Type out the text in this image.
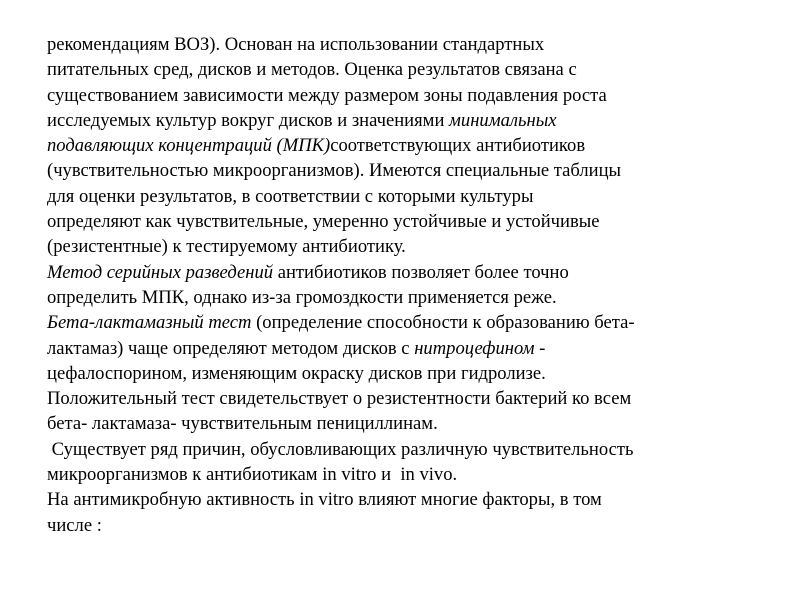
рекомендациям ВОЗ). Основан на использовании стандартных
питательных сред, дисков и методов. Оценка результатов связана с
существованием зависимости между размером зоны подавления роста
исследуемых культур вокруг дисков и значениями минимальных
подавляющих концентраций (МПК)соответствующих антибиотиков
(чувствительностью микроорганизмов). Имеются специальные таблицы
для оценки результатов, в соответствии с которыми культуры
определяют как чувствительные, умеренно устойчивые и устойчивые
(резистентные) к тестируемому антибиотику.
Метод серийных разведений антибиотиков позволяет более точно
определить МПК, однако из-за громоздкости применяется реже.
Бета-лактамазный тест (определение способности к образованию бета-
лактамаз) чаще определяют методом дисков с нитроцефином -
цефалоспорином, изменяющим окраску дисков при гидролизе.
Положительный тест свидетельствует о резистентности бактерий ко всем
бета- лактамаза- чувствительным пенициллинам.
Существует ряд причин, обусловливающих различную чувствительность
микроорганизмов к антибиотикам in vitro и  in vivo.
На антимикробную активность in vitro влияют многие факторы, в том
числе :
